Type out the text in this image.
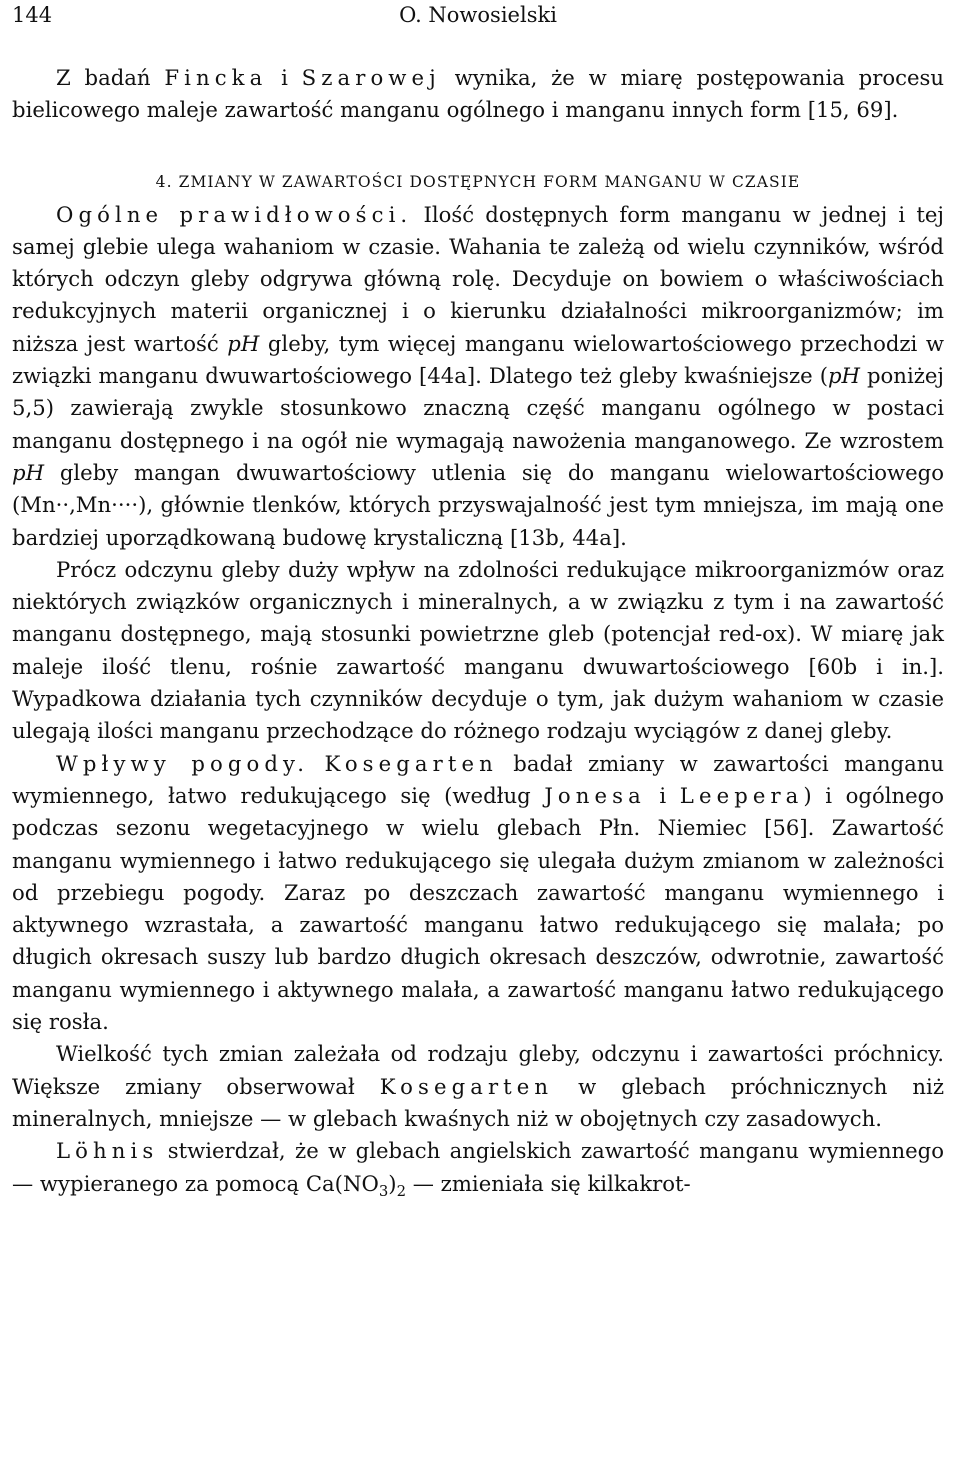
144	O. Nowosielski

Z badań Fincka i Szarowej wynika, że w miarę postępowania procesu bielicowego maleje zawartość manganu ogólnego i manganu innych form [15, 69].

4. ZMIANY W ZAWARTOŚCI DOSTĘPNYCH FORM MANGANU W CZASIE

Ogólne prawidłowości. Ilość dostępnych form manganu w jednej i tej samej glebie ulega wahaniom w czasie. Wahania te zależą od wielu czynników, wśród których odczyn gleby odgrywa główną rolę. Decyduje on bowiem o właściwościach redukcyjnych materii organicznej i o kierunku działalności mikroorganizmów; im niższa jest wartość pH gleby, tym więcej manganu wielowartościowego przechodzi w związki manganu dwuwartościowego [44a]. Dlatego też gleby kwaśniejsze (pH poniżej 5,5) zawierają zwykle stosunkowo znaczną część manganu ogólnego w postaci manganu dostępnego i na ogół nie wymagają nawożenia manganowego. Ze wzrostem pH gleby mangan dwuwartościowy utlenia się do manganu wielowartościowego (Mn··,Mn····), głównie tlenków, których przyswajalność jest tym mniejsza, im mają one bardziej uporządkowaną budowę krystaliczną [13b, 44a].

Prócz odczynu gleby duży wpływ na zdolności redukujące mikroorganizmów oraz niektórych związków organicznych i mineralnych, a w związku z tym i na zawartość manganu dostępnego, mają stosunki powietrzne gleb (potencjał red-ox). W miarę jak maleje ilość tlenu, rośnie zawartość manganu dwuwartościowego [60b i in.]. Wypadkowa działania tych czynników decyduje o tym, jak dużym wahaniom w czasie ulegają ilości manganu przechodzące do różnego rodzaju wyciągów z danej gleby.

Wpływy pogody. Kosegarten badał zmiany w zawartości manganu wymiennego, łatwo redukującego się (według Jonesa i Leepera) i ogólnego podczas sezonu wegetacyjnego w wielu glebach Płn. Niemiec [56]. Zawartość manganu wymiennego i łatwo redukującego się ulegała dużym zmianom w zależności od przebiegu pogody. Zaraz po deszczach zawartość manganu wymiennego i aktywnego wzrastała, a zawartość manganu łatwo redukującego się malała; po długich okresach suszy lub bardzo długich okresach deszczów, odwrotnie, zawartość manganu wymiennego i aktywnego malała, a zawartość manganu łatwo redukującego się rosła.

Wielkość tych zmian zależała od rodzaju gleby, odczynu i zawartości próchnicy. Większe zmiany obserwował Kosegarten w glebach próchnicznych niż mineralnych, mniejsze — w glebach kwaśnych niż w obojętnych czy zasadowych.

Löhnis stwierdzał, że w glebach angielskich zawartość manganu wymiennego — wypieranego za pomocą $Ca(NO_3)_2$ — zmieniała się kilkakrot-
